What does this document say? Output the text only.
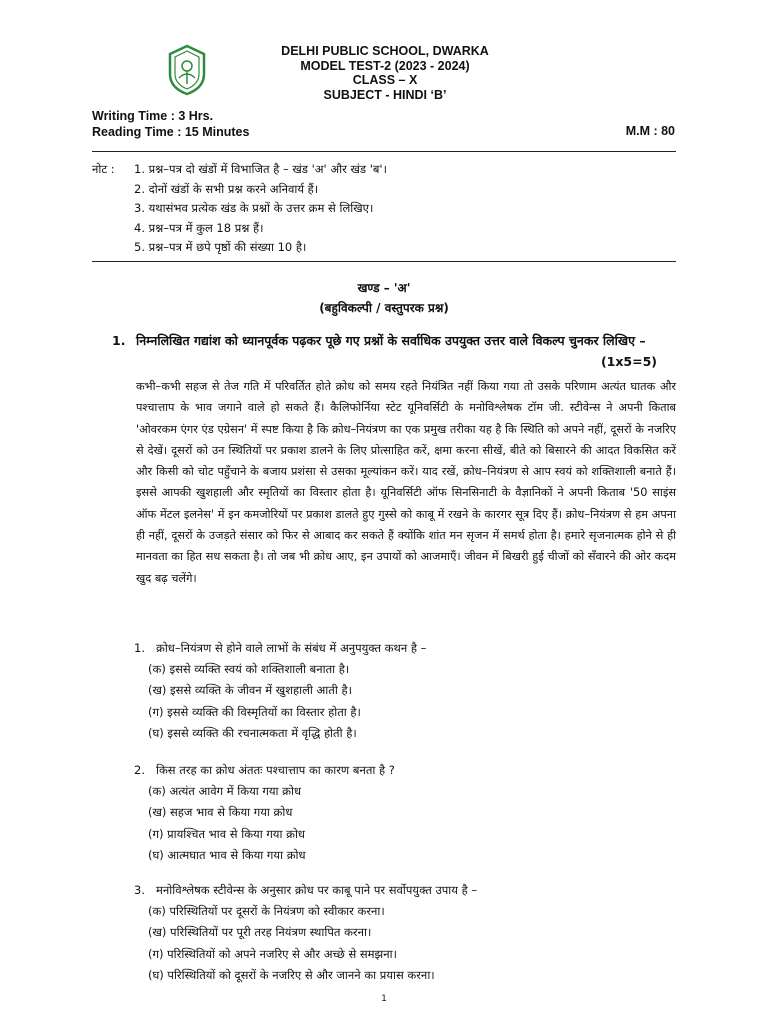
DELHI PUBLIC SCHOOL, DWARKA
MODEL TEST-2 (2023 - 2024)
CLASS – X
SUBJECT - HINDI ‘B’
Writing Time : 3 Hrs.
Reading Time : 15 Minutes	M.M : 80
नोट :	1. प्रश्न–पत्र दो खंडों में विभाजित है – खंड 'अ' और खंड 'ब'।
2. दोनों खंडों के सभी प्रश्न करने अनिवार्य हैं।
3. यथासंभव प्रत्येक खंड के प्रश्नों के उत्तर क्रम से लिखिए।
4. प्रश्न–पत्र में कुल 18 प्रश्न हैं।
5. प्रश्न–पत्र में छपे पृष्ठों की संख्या 10 है।
खण्ड – 'अ'
(बहुविकल्पी / वस्तुपरक प्रश्न)
1. निम्नलिखित गद्यांश को ध्यानपूर्वक पढ़कर पूछे गए प्रश्नों के सर्वाधिक उपयुक्त उत्तर वाले विकल्प चुनकर लिखिए –
(1x5=5)
कभी–कभी सहज से तेज गति में परिवर्तित होते क्रोध को समय रहते नियंत्रित नहीं किया गया तो उसके परिणाम अत्यंत घातक और पश्चात्ताप के भाव जगाने वाले हो सकते हैं। कैलिफोर्निया स्टेट यूनिवर्सिटी के मनोविश्लेषक टॉम जी. स्टीवेन्स ने अपनी किताब 'ओवरकम एंगर एंड एग्रेसन' में स्पष्ट किया है कि क्रोध–नियंत्रण का एक प्रमुख तरीका यह है कि स्थिति को अपने नहीं, दूसरों के नजरिए से देखें। दूसरों को उन स्थितियों पर प्रकाश डालने के लिए प्रोत्साहित करें, क्षमा करना सीखें, बीते को बिसारने की आदत विकसित करें और किसी को चोट पहुँचाने के बजाय प्रशंसा से उसका मूल्यांकन करें। याद रखें, क्रोध–नियंत्रण से आप स्वयं को शक्तिशाली बनाते हैं। इससे आपकी खुशहाली और स्मृतियों का विस्तार होता है। यूनिवर्सिटी ऑफ सिनसिनाटी के वैज्ञानिकों ने अपनी किताब '50 साइंस ऑफ मेंटल इलनेस' में इन कमजोरियों पर प्रकाश डालते हुए गुस्से को काबू में रखने के कारगर सूत्र दिए हैं। क्रोध–नियंत्रण से हम अपना ही नहीं, दूसरों के उजड़ते संसार को फिर से आबाद कर सकते हैं क्योंकि शांत मन सृजन में समर्थ होता है। हमारे सृजनात्मक होने से ही मानवता का हित सध सकता है। तो जब भी क्रोध आए, इन उपायों को आजमाएँ। जीवन में बिखरी हुई चीजों को सँवारने की ओर कदम खुद बढ़ चलेंगे।
1. क्रोध–नियंत्रण से होने वाले लाभों के संबंध में अनुपयुक्त कथन है –
(क) इससे व्यक्ति स्वयं को शक्तिशाली बनाता है।
(ख) इससे व्यक्ति के जीवन में खुशहाली आती है।
(ग) इससे व्यक्ति की विस्मृतियों का विस्तार होता है।
(घ) इससे व्यक्ति की रचनात्मकता में वृद्धि होती है।
2. किस तरह का क्रोध अंततः पश्चात्ताप का कारण बनता है ?
(क) अत्यंत आवेग में किया गया क्रोध
(ख) सहज भाव से किया गया क्रोध
(ग) प्रायश्चित भाव से किया गया क्रोध
(घ) आत्मघात भाव से किया गया क्रोध
3. मनोविश्लेषक स्टीवेन्स के अनुसार क्रोध पर काबू पाने पर सर्वोपयुक्त उपाय है –
(क) परिस्थितियों पर दूसरों के नियंत्रण को स्वीकार करना।
(ख) परिस्थितियों पर पूरी तरह नियंत्रण स्थापित करना।
(ग) परिस्थितियों को अपने नजरिए से और अच्छे से समझना।
(घ) परिस्थितियों को दूसरों के नजरिए से और जानने का प्रयास करना।
1
